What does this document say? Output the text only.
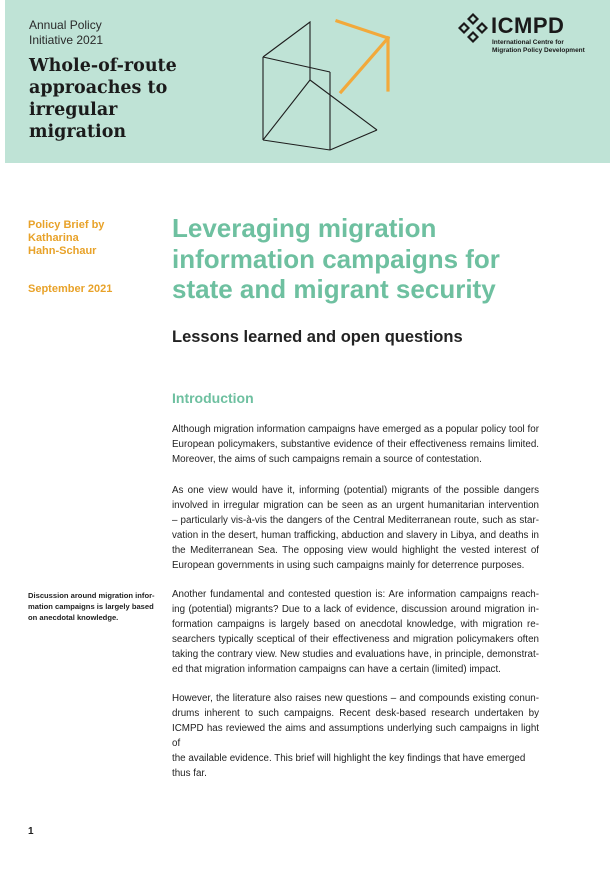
Annual Policy
Initiative 2021
Whole-of-route
approaches to
irregular
migration
ICMPD
International Centre for
Migration Policy Development
Policy Brief by
Katharina
Hahn-Schaur
September 2021
Leveraging migration
information campaigns for
state and migrant security
Lessons learned and open questions
Introduction
Although migration information campaigns have emerged as a popular policy tool for
European policymakers, substantive evidence of their effectiveness remains limited.
Moreover, the aims of such campaigns remain a source of contestation.
As one view would have it, informing (potential) migrants of the possible dangers
involved in irregular migration can be seen as an urgent humanitarian intervention
– particularly vis-à-vis the dangers of the Central Mediterranean route, such as star-
vation in the desert, human trafficking, abduction and slavery in Libya, and deaths in
the Mediterranean Sea. The opposing view would highlight the vested interest of
European governments in using such campaigns mainly for deterrence purposes.
Discussion around migration infor-
mation campaigns is largely based
on anecdotal knowledge.
Another fundamental and contested question is: Are information campaigns reach-
ing (potential) migrants? Due to a lack of evidence, discussion around migration in-
formation campaigns is largely based on anecdotal knowledge, with migration re-
searchers typically sceptical of their effectiveness and migration policymakers often
taking the contrary view. New studies and evaluations have, in principle, demonstrat-
ed that migration information campaigns can have a certain (limited) impact.
However, the literature also raises new questions – and compounds existing conun-
drums inherent to such campaigns. Recent desk-based research undertaken by
ICMPD has reviewed the aims and assumptions underlying such campaigns in light of
the available evidence. This brief will highlight the key findings that have emerged
thus far.
1
